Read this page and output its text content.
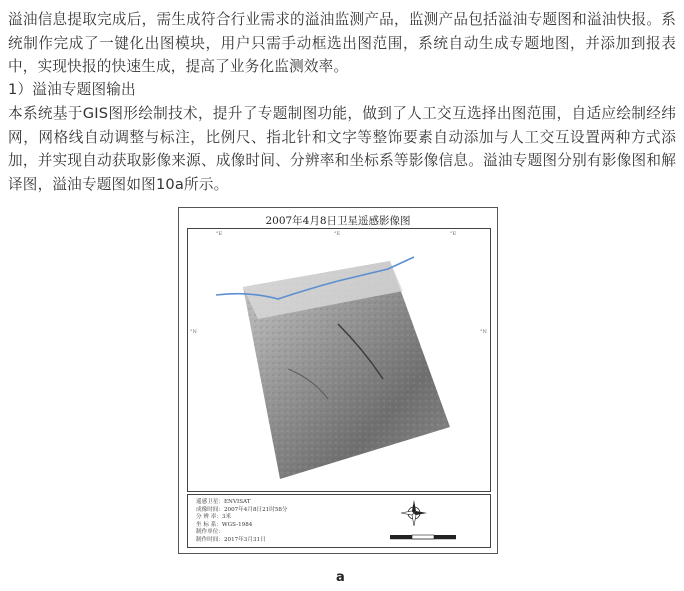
溢油信息提取完成后，需生成符合行业需求的溢油监测产品，监测产品包括溢油专题图和溢油快报。系统制作完成了一键化出图模块，用户只需手动框选出图范围，系统自动生成专题地图，并添加到报表中，实现快报的快速生成，提高了业务化监测效率。

1）溢油专题图输出

本系统基于GIS图形绘制技术，提升了专题制图功能，做到了人工交互选择出图范围，自适应绘制经纬网，网格线自动调整与标注，比例尺、指北针和文字等整饰要素自动添加与人工交互设置两种方式添加，并实现自动获取影像来源、成像时间、分辨率和坐标系等影像信息。溢油专题图分别有影像图和解译图，溢油专题图如图10a所示。

2007年4月8日卫星遥感影像图
°E	°E	°E
°N	°N
遥感卫星：ENVISAT
成像时间：2007年4月8日21时58分
分 辨 率：3米
坐 标 系：WGS-1984
制作单位：
制作时间：2017年3月31日
a
